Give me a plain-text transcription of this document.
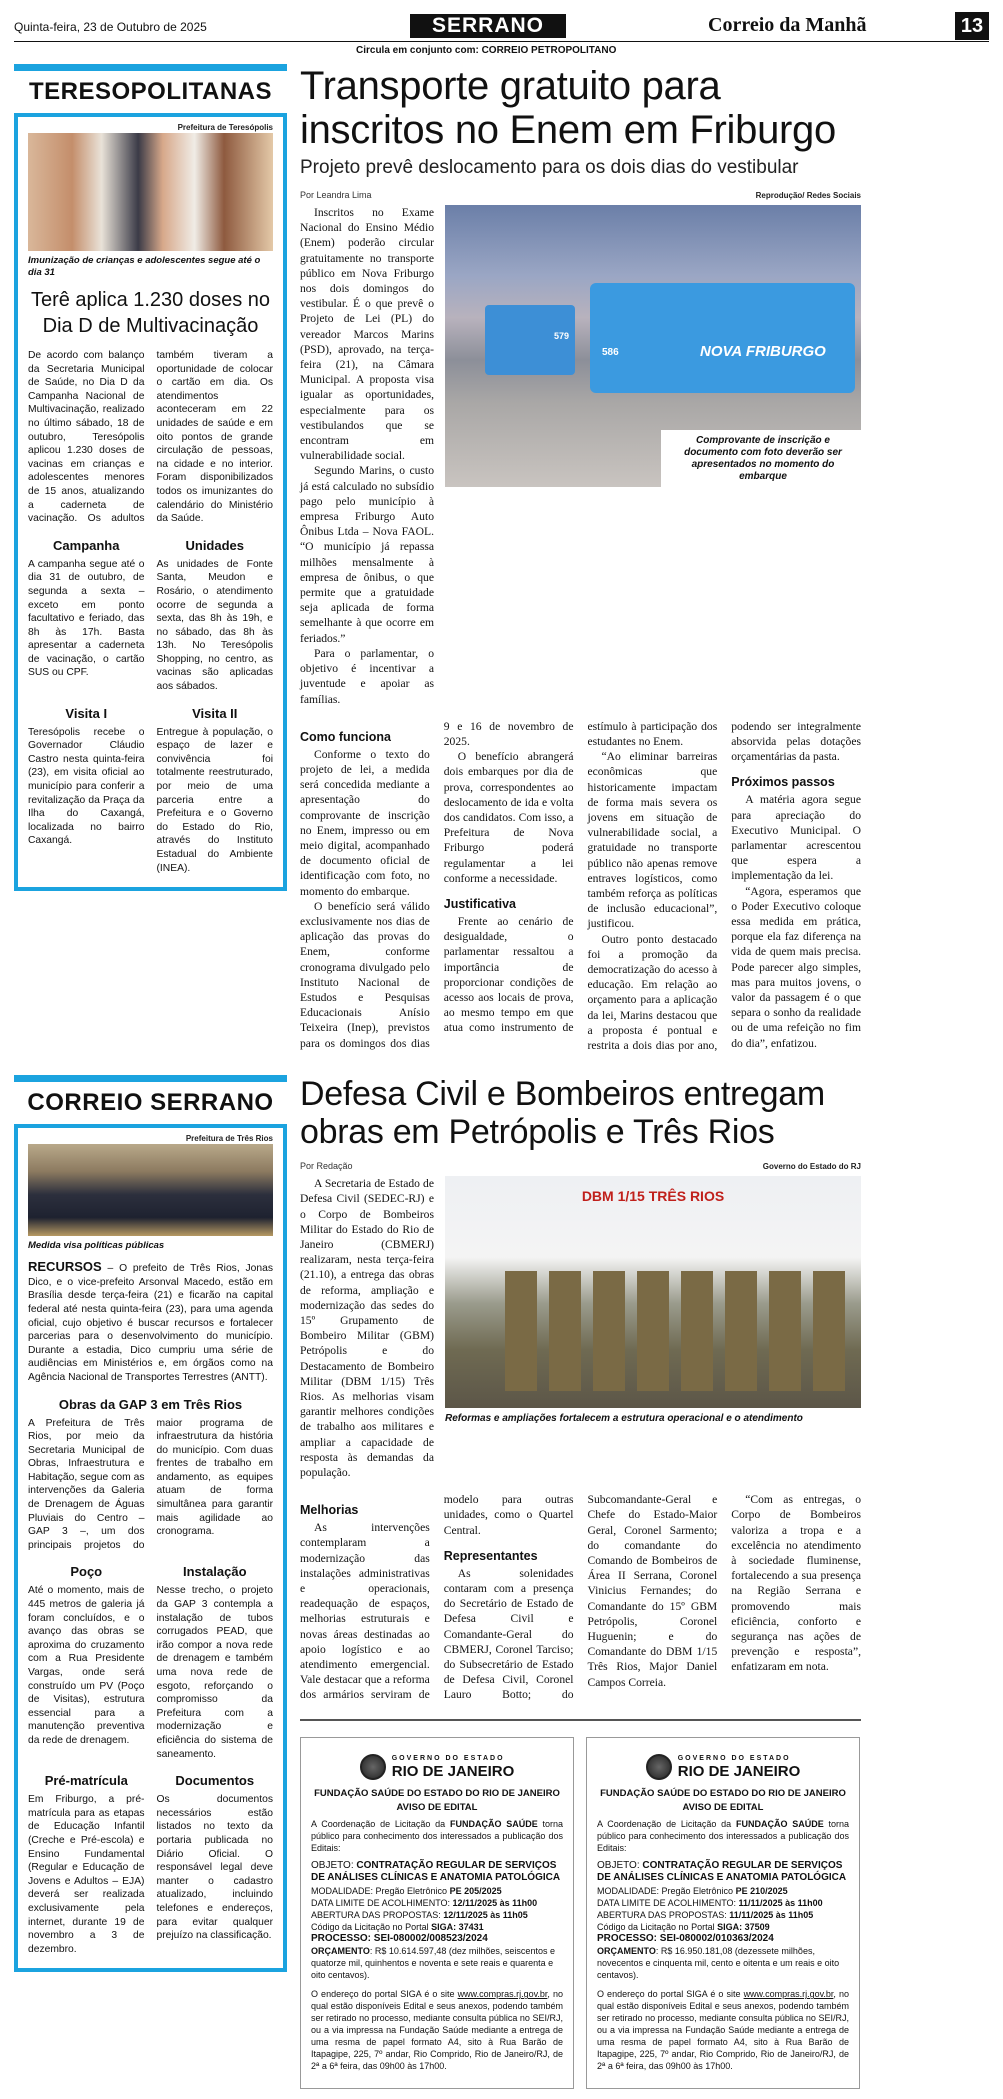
Quinta-feira, 23 de Outubro de 2025	SERRANO	Correio da Manhã	13
Circula em conjunto com: CORREIO PETROPOLITANO
TERESOPOLITANAS
Prefeitura de Teresópolis
Imunização de crianças e adolescentes segue até o dia 31
Terê aplica 1.230 doses no Dia D de Multivacinação
De acordo com balanço da Secretaria Municipal de Saúde, no Dia D da Campanha Nacional de Multivacinação, realizado no último sábado, 18 de outubro, Teresópolis aplicou 1.230 doses de vacinas em crianças e adolescentes menores de 15 anos, atualizando a caderneta de vacinação. Os adultos também tiveram a oportunidade de colocar o cartão em dia. Os atendimentos aconteceram em 22 unidades de saúde e em oito pontos de grande circulação de pessoas, na cidade e no interior. Foram disponibilizados todos os imunizantes do calendário do Ministério da Saúde.
Campanha
A campanha segue até o dia 31 de outubro, de segunda a sexta – exceto em ponto facultativo e feriado, das 8h às 17h. Basta apresentar a caderneta de vacinação, o cartão SUS ou CPF.
Unidades
As unidades de Fonte Santa, Meudon e Rosário, o atendimento ocorre de segunda a sexta, das 8h às 19h, e no sábado, das 8h às 13h. No Teresópolis Shopping, no centro, as vacinas são aplicadas aos sábados.
Visita I
Teresópolis recebe o Governador Cláudio Castro nesta quinta-feira (23), em visita oficial ao município para conferir a revitalização da Praça da Ilha do Caxangá, localizada no bairro Caxangá.
Visita II
Entregue à população, o espaço de lazer e convivência foi totalmente reestruturado, por meio de uma parceria entre a Prefeitura e o Governo do Estado do Rio, através do Instituto Estadual do Ambiente (INEA).
Transporte gratuito para inscritos no Enem em Friburgo
Projeto prevê deslocamento para os dois dias do vestibular
Por Leandra Lima	Reprodução/ Redes Sociais

Inscritos no Exame Nacional do Ensino Médio (Enem) poderão circular gratuitamente no transporte público em Nova Friburgo nos dois domingos do vestibular. É o que prevê o Projeto de Lei (PL) do vereador Marcos Marins (PSD), aprovado, na terça-feira (21), na Câmara Municipal. A proposta visa igualar as oportunidades, especialmente para os vestibulandos que se encontram em vulnerabilidade social.

Segundo Marins, o custo já está calculado no subsídio pago pelo município à empresa Friburgo Auto Ônibus Ltda – Nova FAOL. “O município já repassa milhões mensalmente à empresa de ônibus, o que permite que a gratuidade seja aplicada de forma semelhante à que ocorre em feriados.”

Para o parlamentar, o objetivo é incentivar a juventude e apoiar as famílias.

579
586	NOVA FRIBURGO
Comprovante de inscrição e documento com foto deverão ser apresentados no momento do embarque
Como funciona

Conforme o texto do projeto de lei, a medida será concedida mediante a apresentação do comprovante de inscrição no Enem, impresso ou em meio digital, acompanhado de documento oficial de identificação com foto, no momento do embarque.

O benefício será válido exclusivamente nos dias de aplicação das provas do Enem, conforme cronograma divulgado pelo Instituto Nacional de Estudos e Pesquisas Educacionais Anísio Teixeira (Inep), previstos para os domingos dos dias 9 e 16 de novembro de 2025.

O benefício abrangerá dois embarques por dia de prova, correspondentes ao deslocamento de ida e volta dos candidatos. Com isso, a Prefeitura de Nova Friburgo poderá regulamentar a lei conforme a necessidade.

Justificativa

Frente ao cenário de desigualdade, o parlamentar ressaltou a importância de proporcionar condições de acesso aos locais de prova, ao mesmo tempo em que atua como instrumento de estímulo à participação dos estudantes no Enem.

“Ao eliminar barreiras econômicas que historicamente impactam de forma mais severa os jovens em situação de vulnerabilidade social, a gratuidade no transporte público não apenas remove entraves logísticos, como também reforça as políticas de inclusão educacional”, justificou.

Outro ponto destacado foi a promoção da democratização do acesso à educação. Em relação ao orçamento para a aplicação da lei, Marins destacou que a proposta é pontual e restrita a dois dias por ano, podendo ser integralmente absorvida pelas dotações orçamentárias da pasta.

Próximos passos

A matéria agora segue para apreciação do Executivo Municipal. O parlamentar acrescentou que espera a implementação da lei.

“Agora, esperamos que o Poder Executivo coloque essa medida em prática, porque ela faz diferença na vida de quem mais precisa. Pode parecer algo simples, mas para muitos jovens, o valor da passagem é o que separa o sonho da realidade ou de uma refeição no fim do dia”, enfatizou.

CORREIO SERRANO
Prefeitura de Três Rios
Medida visa políticas públicas
RECURSOS – O prefeito de Três Rios, Jonas Dico, e o vice-prefeito Arsonval Macedo, estão em Brasília desde terça-feira (21) e ficarão na capital federal até nesta quinta-feira (23), para uma agenda oficial, cujo objetivo é buscar recursos e fortalecer parcerias para o desenvolvimento do município. Durante a estadia, Dico cumpriu uma série de audiências em Ministérios e, em órgãos como na Agência Nacional de Transportes Terrestres (ANTT).
Obras da GAP 3 em Três Rios
A Prefeitura de Três Rios, por meio da Secretaria Municipal de Obras, Infraestrutura e Habitação, segue com as intervenções da Galeria de Drenagem de Águas Pluviais do Centro – GAP 3 –, um dos principais projetos do maior programa de infraestrutura da história do município. Com duas frentes de trabalho em andamento, as equipes atuam de forma simultânea para garantir mais agilidade ao cronograma.
Poço
Até o momento, mais de 445 metros de galeria já foram concluídos, e o avanço das obras se aproxima do cruzamento com a Rua Presidente Vargas, onde será construído um PV (Poço de Visitas), estrutura essencial para a manutenção preventiva da rede de drenagem.
Instalação
Nesse trecho, o projeto da GAP 3 contempla a instalação de tubos corrugados PEAD, que irão compor a nova rede de drenagem e também uma nova rede de esgoto, reforçando o compromisso da Prefeitura com a modernização e eficiência do sistema de saneamento.
Pré-matrícula
Em Friburgo, a pré-matrícula para as etapas de Educação Infantil (Creche e Pré-escola) e Ensino Fundamental (Regular e Educação de Jovens e Adultos – EJA) deverá ser realizada exclusivamente pela internet, durante 19 de novembro a 3 de dezembro.
Documentos
Os documentos necessários estão listados no texto da portaria publicada no Diário Oficial. O responsável legal deve manter o cadastro atualizado, incluindo telefones e endereços, para evitar qualquer prejuízo na classificação.
Defesa Civil e Bombeiros entregam obras em Petrópolis e Três Rios
Por Redação	Governo do Estado do RJ

A Secretaria de Estado de Defesa Civil (SEDEC-RJ) e o Corpo de Bombeiros Militar do Estado do Rio de Janeiro (CBMERJ) realizaram, nesta terça-feira (21.10), a entrega das obras de reforma, ampliação e modernização das sedes do 15º Grupamento de Bombeiro Militar (GBM) Petrópolis e do Destacamento de Bombeiro Militar (DBM 1/15) Três Rios. As melhorias visam garantir melhores condições de trabalho aos militares e ampliar a capacidade de resposta às demandas da população.

DBM 1/15 TRÊS RIOS
Reformas e ampliações fortalecem a estrutura operacional e o atendimento
Melhorias

As intervenções contemplaram a modernização das instalações administrativas e operacionais, readequação de espaços, melhorias estruturais e novas áreas destinadas ao apoio logístico e ao atendimento emergencial. Vale destacar que a reforma dos armários serviram de modelo para outras unidades, como o Quartel Central.

Representantes

As solenidades contaram com a presença do Secretário de Estado de Defesa Civil e Comandante-Geral do CBMERJ, Coronel Tarciso; do Subsecretário de Estado de Defesa Civil, Coronel Lauro Botto; do Subcomandante-Geral e Chefe do Estado-Maior Geral, Coronel Sarmento; do comandante do Comando de Bombeiros de Área II Serrana, Coronel Vinicius Fernandes; do Comandante do 15º GBM Petrópolis, Coronel Huguenin; e do Comandante do DBM 1/15 Três Rios, Major Daniel Campos Correia.

“Com as entregas, o Corpo de Bombeiros valoriza a tropa e a excelência no atendimento à sociedade fluminense, fortalecendo a sua presença na Região Serrana e promovendo mais eficiência, conforto e segurança nas ações de prevenção e resposta”, enfatizaram em nota.

GOVERNO DO ESTADO
RIO DE JANEIRO
FUNDAÇÃO SAÚDE DO ESTADO DO RIO DE JANEIRO
AVISO DE EDITAL

A Coordenação de Licitação da FUNDAÇÃO SAÚDE torna público para conhecimento dos interessados a publicação dos Editais:

OBJETO: CONTRATAÇÃO REGULAR DE SERVIÇOS DE ANÁLISES CLÍNICAS E ANATOMIA PATOLÓGICA
MODALIDADE: Pregão Eletrônico PE 205/2025
DATA LIMITE DE ACOLHIMENTO: 12/11/2025 às 11h00
ABERTURA DAS PROPOSTAS: 12/11/2025 às 11h05
Código da Licitação no Portal SIGA: 37431
PROCESSO: SEI-080002/008523/2024
ORÇAMENTO: R$ 10.614.597,48 (dez milhões, seiscentos e quatorze mil, quinhentos e noventa e sete reais e quarenta e oito centavos).

O endereço do portal SIGA é o site www.compras.rj.gov.br, no qual estão disponíveis Edital e seus anexos, podendo também ser retirado no processo, mediante consulta pública no SEI/RJ, ou a via impressa na Fundação Saúde mediante a entrega de uma resma de papel formato A4, sito à Rua Barão de Itapagipe, 225, 7º andar, Rio Comprido, Rio de Janeiro/RJ, de 2ª a 6ª feira, das 09h00 às 17h00.

GOVERNO DO ESTADO
RIO DE JANEIRO
FUNDAÇÃO SAÚDE DO ESTADO DO RIO DE JANEIRO
AVISO DE EDITAL

A Coordenação de Licitação da FUNDAÇÃO SAÚDE torna público para conhecimento dos interessados a publicação dos Editais:

OBJETO: CONTRATAÇÃO REGULAR DE SERVIÇOS DE ANÁLISES CLÍNICAS E ANATOMIA PATOLÓGICA
MODALIDADE: Pregão Eletrônico PE 210/2025
DATA LIMITE DE ACOLHIMENTO: 11/11/2025 às 11h00
ABERTURA DAS PROPOSTAS: 11/11/2025 às 11h05
Código da Licitação no Portal SIGA: 37509
PROCESSO: SEI-080002/010363/2024
ORÇAMENTO: R$ 16.950.181,08 (dezessete milhões, novecentos e cinquenta mil, cento e oitenta e um reais e oito centavos).

O endereço do portal SIGA é o site www.compras.rj.gov.br, no qual estão disponíveis Edital e seus anexos, podendo também ser retirado no processo, mediante consulta pública no SEI/RJ, ou a via impressa na Fundação Saúde mediante a entrega de uma resma de papel formato A4, sito à Rua Barão de Itapagipe, 225, 7º andar, Rio Comprido, Rio de Janeiro/RJ, de 2ª a 6ª feira, das 09h00 às 17h00.
